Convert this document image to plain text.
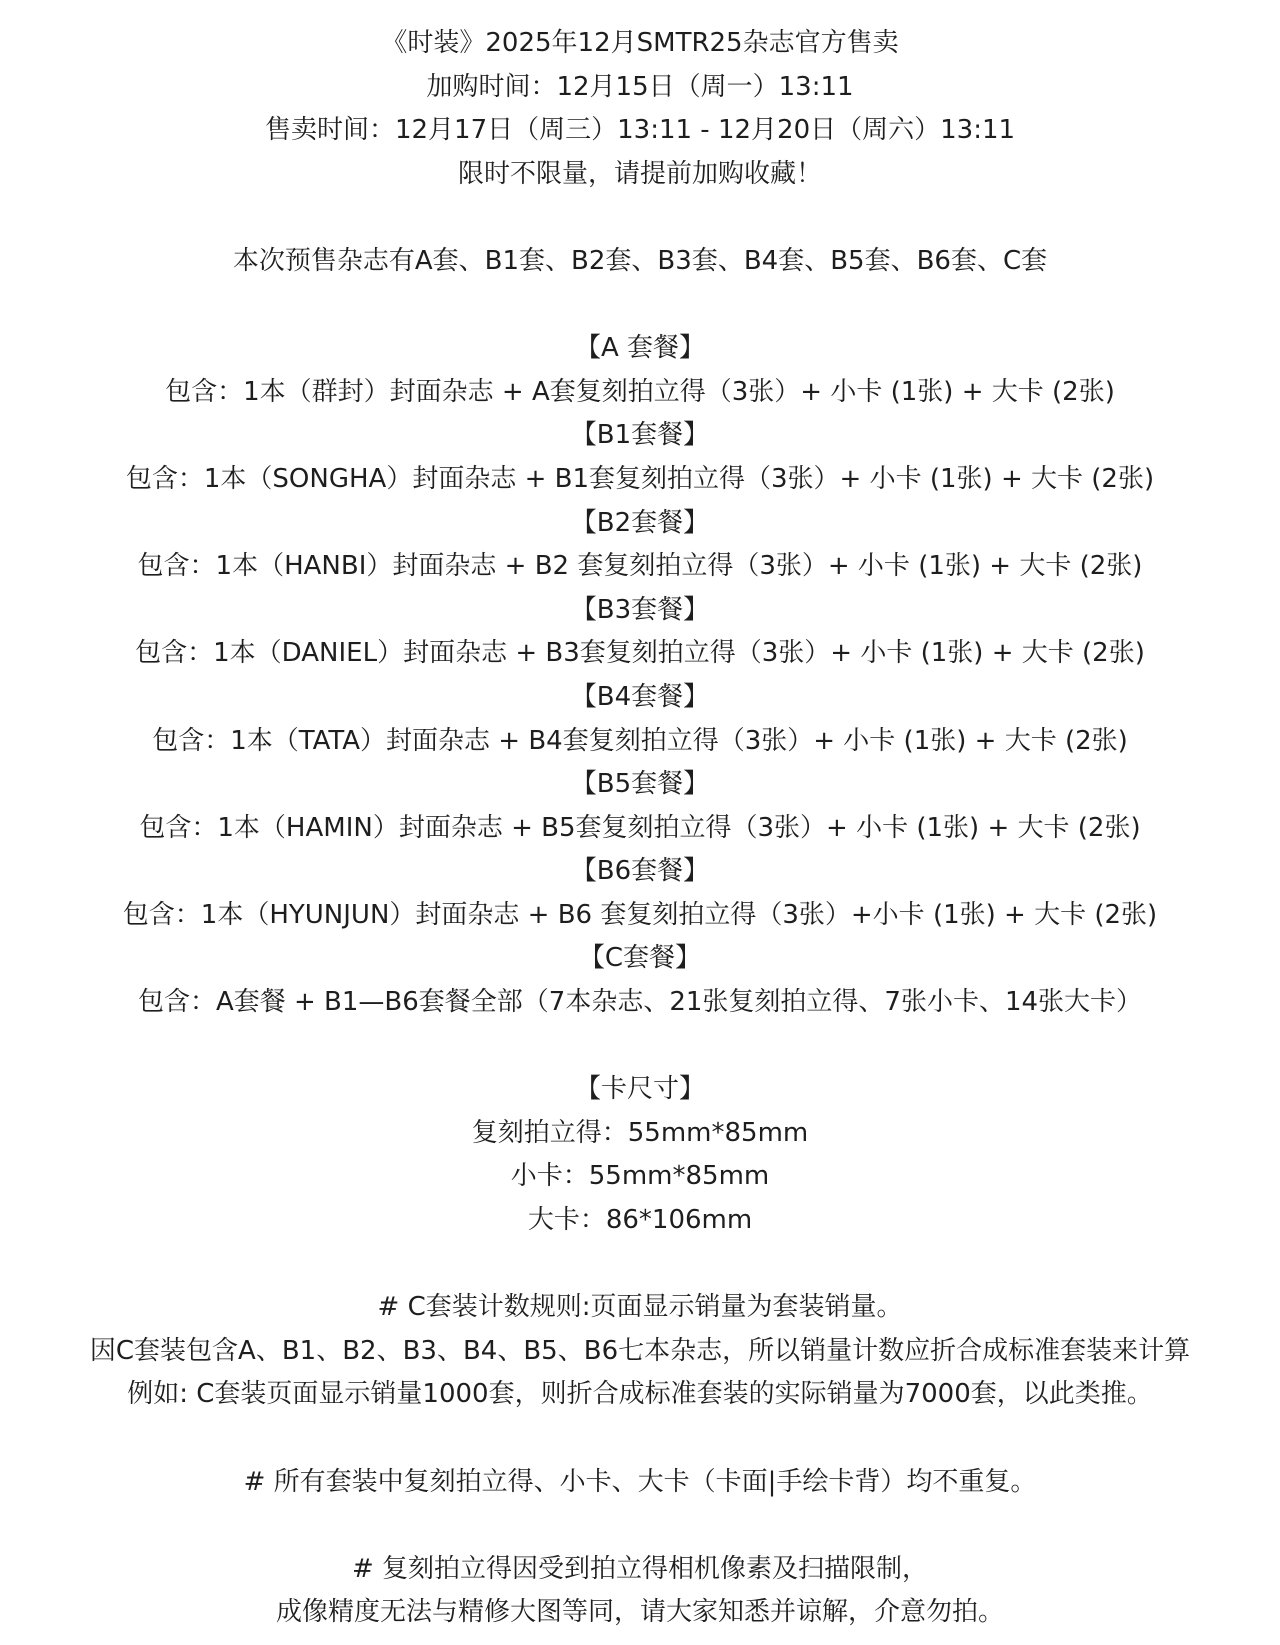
《时装》2025年12月SMTR25杂志官方售卖
加购时间：12月15日（周一）13:11
售卖时间：12月17日（周三）13:11 - 12月20日（周六）13:11
限时不限量，请提前加购收藏！
本次预售杂志有A套、B1套、B2套、B3套、B4套、B5套、B6套、C套
【A 套餐】
包含：1本（群封）封面杂志 + A套复刻拍立得（3张）+ 小卡 (1张) + 大卡 (2张)
【B1套餐】
包含：1本（SONGHA）封面杂志 + B1套复刻拍立得（3张）+ 小卡 (1张) + 大卡 (2张)
【B2套餐】
包含：1本（HANBI）封面杂志 + B2 套复刻拍立得（3张）+ 小卡 (1张) + 大卡 (2张)
【B3套餐】
包含：1本（DANIEL）封面杂志 + B3套复刻拍立得（3张）+ 小卡 (1张) + 大卡 (2张)
【B4套餐】
包含：1本（TATA）封面杂志 + B4套复刻拍立得（3张）+ 小卡 (1张) + 大卡 (2张)
【B5套餐】
包含：1本（HAMIN）封面杂志 + B5套复刻拍立得（3张）+ 小卡 (1张) + 大卡 (2张)
【B6套餐】
包含：1本（HYUNJUN）封面杂志 + B6 套复刻拍立得（3张）+小卡 (1张) + 大卡 (2张)
【C套餐】
包含：A套餐 + B1—B6套餐全部（7本杂志、21张复刻拍立得、7张小卡、14张大卡）
【卡尺寸】
复刻拍立得：55mm*85mm
小卡：55mm*85mm
大卡：86*106mm
# C套装计数规则:页面显示销量为套装销量。
因C套装包含A、B1、B2、B3、B4、B5、B6七本杂志，所以销量计数应折合成标准套装来计算
例如: C套装页面显示销量1000套，则折合成标准套装的实际销量为7000套，以此类推。
# 所有套装中复刻拍立得、小卡、大卡（卡面|手绘卡背）均不重复。
# 复刻拍立得因受到拍立得相机像素及扫描限制，
成像精度无法与精修大图等同，请大家知悉并谅解，介意勿拍。
